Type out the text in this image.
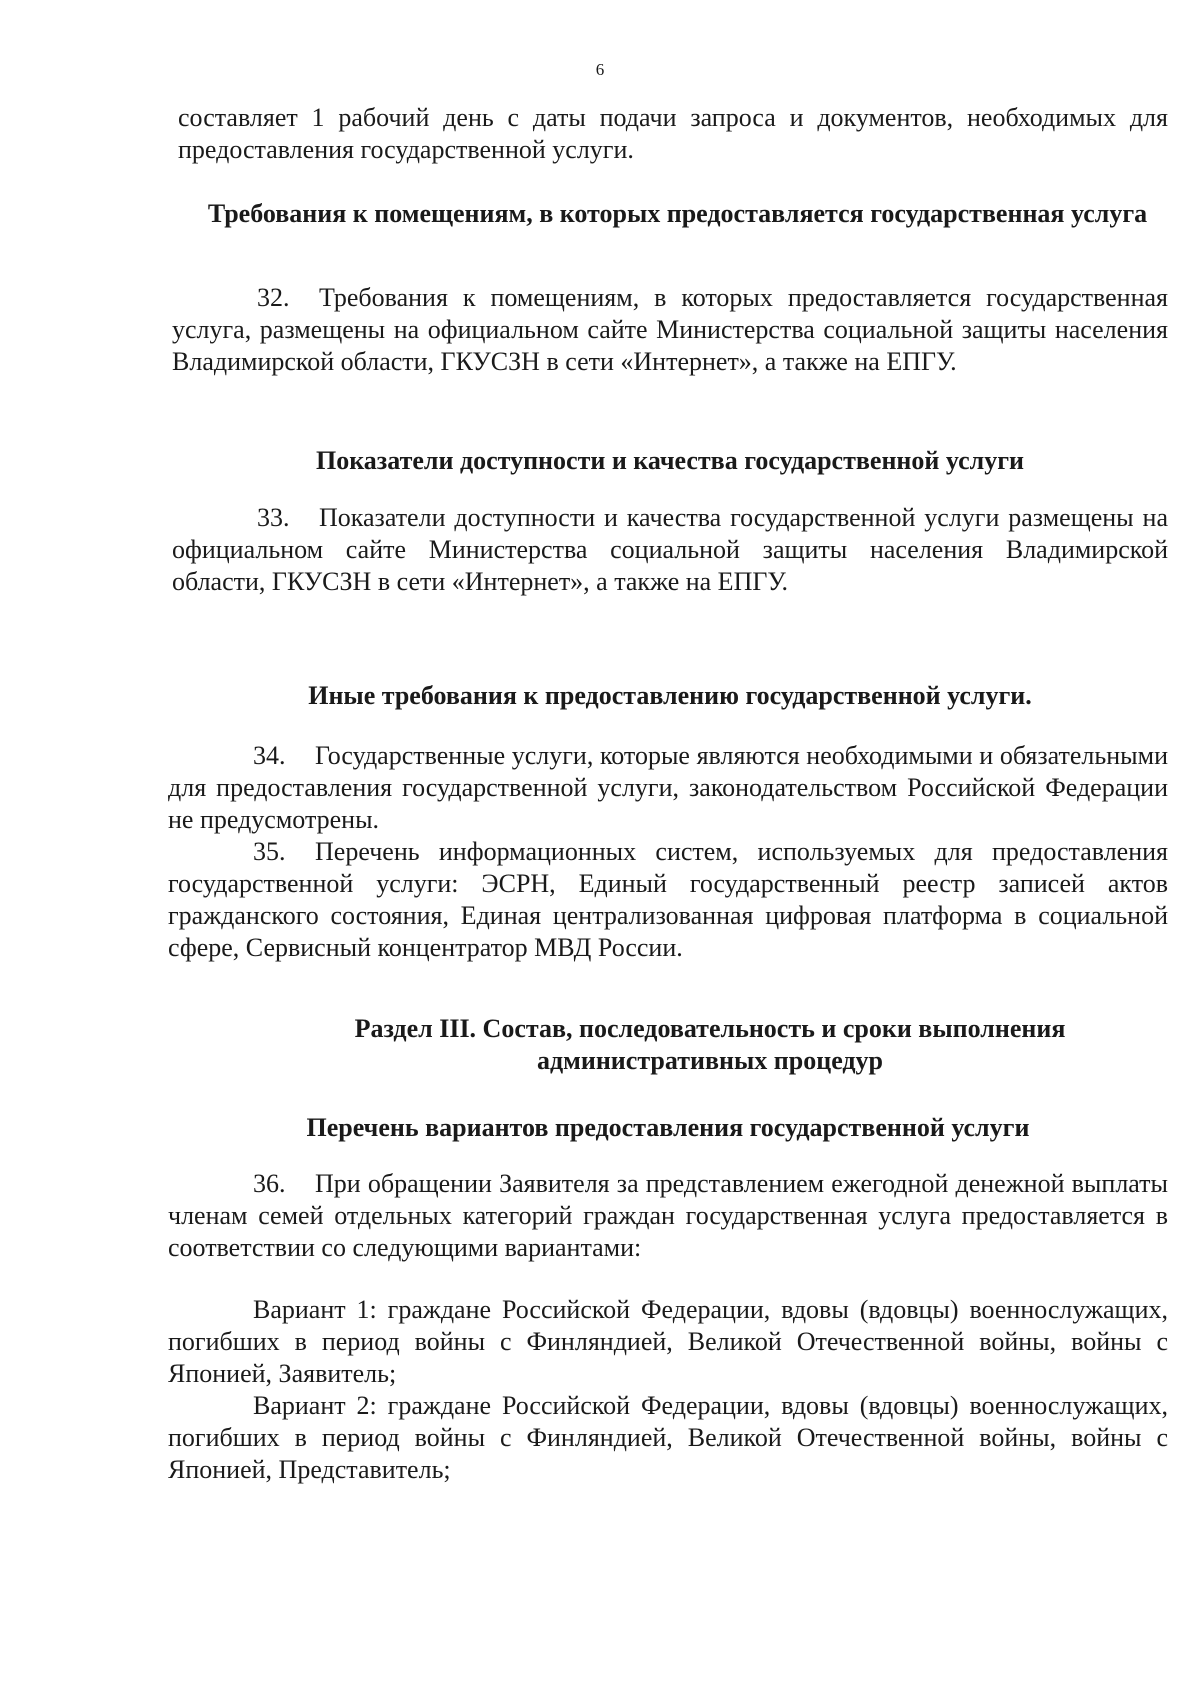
6

составляет 1 рабочий день с даты подачи запроса и документов, необходимых для предоставления государственной услуги.

Требования к помещениям, в которых предоставляется государственная услуга

32. Требования к помещениям, в которых предоставляется государственная услуга, размещены на официальном сайте Министерства социальной защиты населения Владимирской области, ГКУСЗН в сети «Интернет», а также на ЕПГУ.

Показатели доступности и качества государственной услуги

33. Показатели доступности и качества государственной услуги размещены на официальном сайте Министерства социальной защиты населения Владимирской области, ГКУСЗН в сети «Интернет», а также на ЕПГУ.

Иные требования к предоставлению государственной услуги.

34. Государственные услуги, которые являются необходимыми и обязательными для предоставления государственной услуги, законодательством Российской Федерации не предусмотрены.

35. Перечень информационных систем, используемых для предоставления государственной услуги: ЭСРН, Единый государственный реестр записей актов гражданского состояния, Единая централизованная цифровая платформа в социальной сфере, Сервисный концентратор МВД России.

Раздел III. Состав, последовательность и сроки выполнения административных процедур

Перечень вариантов предоставления государственной услуги

36. При обращении Заявителя за представлением ежегодной денежной выплаты членам семей отдельных категорий граждан государственная услуга предоставляется в соответствии со следующими вариантами:

Вариант 1: граждане Российской Федерации, вдовы (вдовцы) военнослужащих, погибших в период войны с Финляндией, Великой Отечественной войны, войны с Японией, Заявитель;

Вариант 2: граждане Российской Федерации, вдовы (вдовцы) военнослужащих, погибших в период войны с Финляндией, Великой Отечественной войны, войны с Японией, Представитель;
